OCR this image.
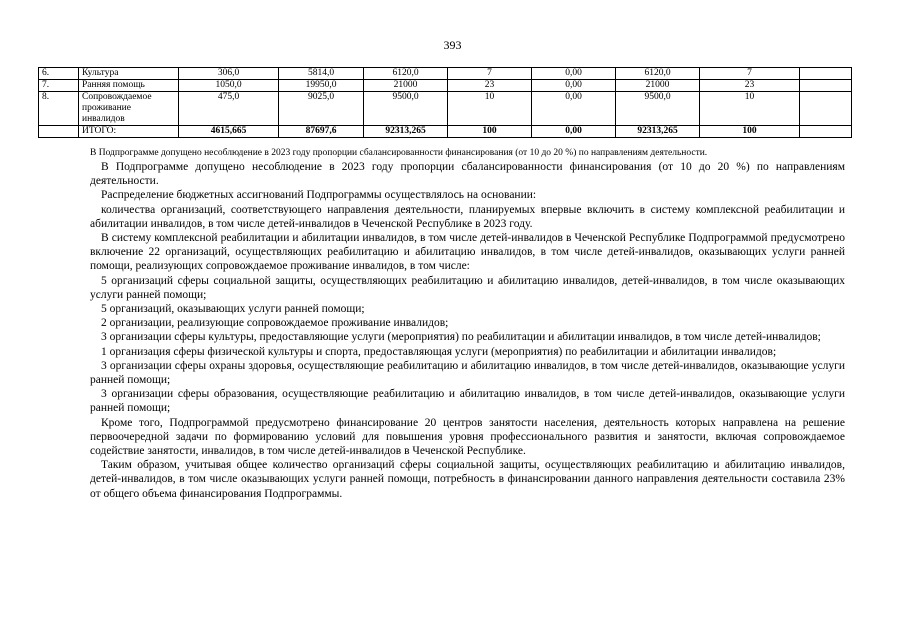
393
6.	Культура	306,0	5814,0	6120,0	7	0,00	6120,0	7	
7.	Ранняя помощь	1050,0	19950,0	21000	23	0,00	21000	23	
8.	Сопровождаемое проживание инвалидов	475,0	9025,0	9500,0	10	0,00	9500,0	10	
	ИТОГО:	4615,665	87697,6	92313,265	100	0,00	92313,265	100	
В Подпрограмме допущено несоблюдение в 2023 году пропорции сбалансированности финансирования (от 10 до 20 %) по направлениям деятельности.

В Подпрограмме допущено несоблюдение в 2023 году пропорции сбалансированности финансирования (от 10 до 20 %) по направлениям деятельности.

Распределение бюджетных ассигнований Подпрограммы осуществлялось на основании:

количества организаций, соответствующего направления деятельности, планируемых впервые включить в систему комплексной реабилитации и абилитации инвалидов, в том числе детей-инвалидов в Чеченской Республике в 2023 году.

В систему комплексной реабилитации и абилитации инвалидов, в том числе детей-инвалидов в Чеченской Республике Подпрограммой предусмотрено включение 22 организаций, осуществляющих реабилитацию и абилитацию инвалидов, в том числе детей-инвалидов, оказывающих услуги ранней помощи, реализующих сопровождаемое проживание инвалидов, в том числе:

5 организаций сферы социальной защиты, осуществляющих реабилитацию и абилитацию инвалидов, детей-инвалидов, в том числе оказывающих услуги ранней помощи;

5 организаций, оказывающих услуги ранней помощи;

2 организации, реализующие сопровождаемое проживание инвалидов;

3 организации сферы культуры, предоставляющие услуги (мероприятия) по реабилитации и абилитации инвалидов, в том числе детей-инвалидов;

1 организация сферы физической культуры и спорта, предоставляющая услуги (мероприятия) по реабилитации и абилитации инвалидов;

3 организации сферы охраны здоровья, осуществляющие реабилитацию и абилитацию инвалидов, в том числе детей-инвалидов, оказывающие услуги ранней помощи;

3 организации сферы образования, осуществляющие реабилитацию и абилитацию инвалидов, в том числе детей-инвалидов, оказывающие услуги ранней помощи;

Кроме того, Подпрограммой предусмотрено финансирование 20 центров занятости населения, деятельность которых направлена на решение первоочередной задачи по формированию условий для повышения уровня профессионального развития и занятости, включая сопровождаемое содействие занятости, инвалидов, в том числе детей-инвалидов в Чеченской Республике.

Таким образом, учитывая общее количество организаций сферы социальной защиты, осуществляющих реабилитацию и абилитацию инвалидов, детей-инвалидов, в том числе оказывающих услуги ранней помощи, потребность в финансировании данного направления деятельности составила 23% от общего объема финансирования Подпрограммы.
